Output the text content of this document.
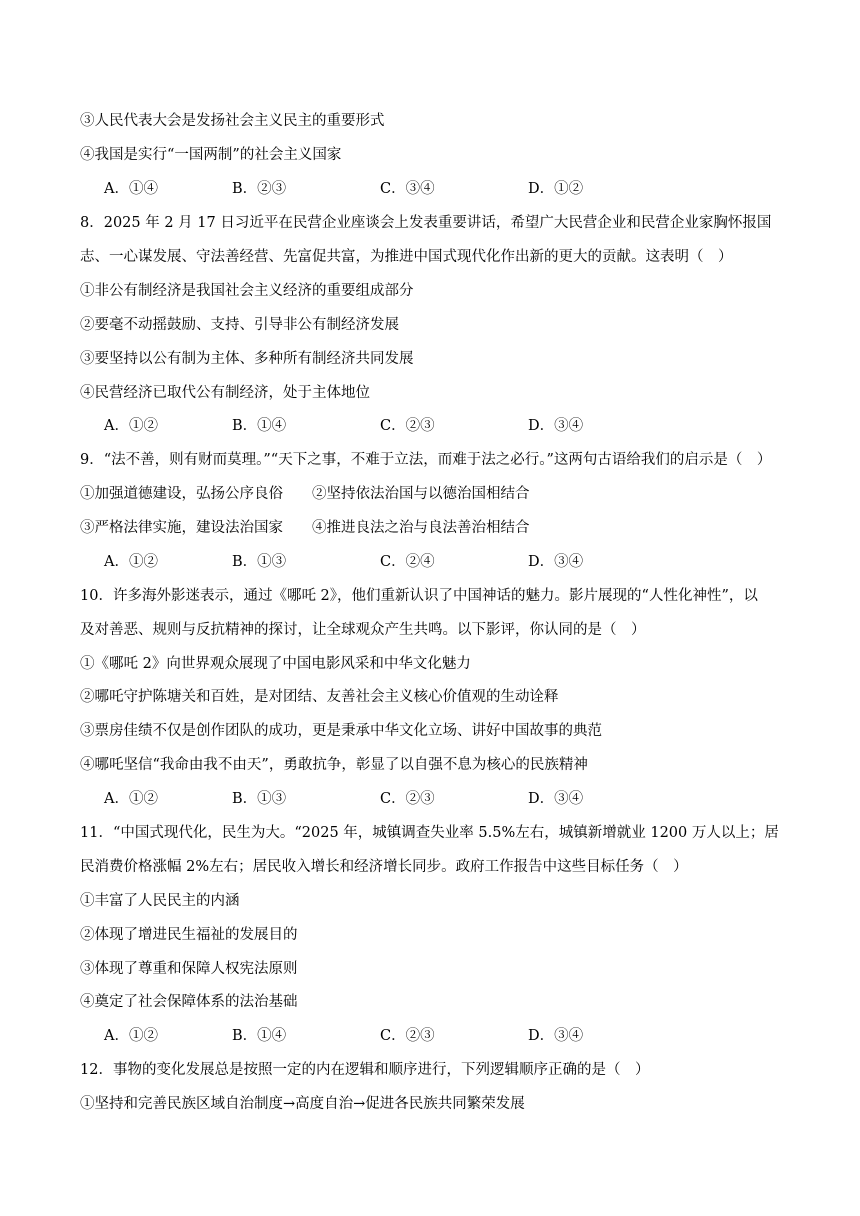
③人民代表大会是发扬社会主义民主的重要形式
④我国是实行“一国两制”的社会主义国家
A．①④	B．②③	C．③④	D．①②
8．2025 年 2 月 17 日习近平在民营企业座谈会上发表重要讲话，希望广大民营企业和民营企业家胸怀报国
志、一心谋发展、守法善经营、先富促共富，为推进中国式现代化作出新的更大的贡献。这表明（　）
①非公有制经济是我国社会主义经济的重要组成部分
②要毫不动摇鼓励、支持、引导非公有制经济发展
③要坚持以公有制为主体、多种所有制经济共同发展
④民营经济已取代公有制经济，处于主体地位
A．①②	B．①④	C．②③	D．③④
9．“法不善，则有财而莫理。”“天下之事，不难于立法，而难于法之必行。”这两句古语给我们的启示是（　）
①加强道德建设，弘扬公序良俗　　②坚持依法治国与以德治国相结合
③严格法律实施，建设法治国家　　④推进良法之治与良法善治相结合
A．①②	B．①③	C．②④	D．③④
10．许多海外影迷表示，通过《哪吒 2》，他们重新认识了中国神话的魅力。影片展现的“人性化神性”，以
及对善恶、规则与反抗精神的探讨，让全球观众产生共鸣。以下影评，你认同的是（　）
①《哪吒 2》向世界观众展现了中国电影风采和中华文化魅力
②哪吒守护陈塘关和百姓，是对团结、友善社会主义核心价值观的生动诠释
③票房佳绩不仅是创作团队的成功，更是秉承中华文化立场、讲好中国故事的典范
④哪吒坚信“我命由我不由天”，勇敢抗争，彰显了以自强不息为核心的民族精神
A．①②	B．①③	C．②③	D．③④
11．“中国式现代化，民生为大。“2025 年，城镇调查失业率 5.5%左右，城镇新增就业 1200 万人以上；居
民消费价格涨幅 2%左右；居民收入增长和经济增长同步。政府工作报告中这些目标任务（　）
①丰富了人民民主的内涵
②体现了增进民生福祉的发展目的
③体现了尊重和保障人权宪法原则
④奠定了社会保障体系的法治基础
A．①②	B．①④	C．②③	D．③④
12．事物的变化发展总是按照一定的内在逻辑和顺序进行，下列逻辑顺序正确的是（　）
①坚持和完善民族区域自治制度→高度自治→促进各民族共同繁荣发展
